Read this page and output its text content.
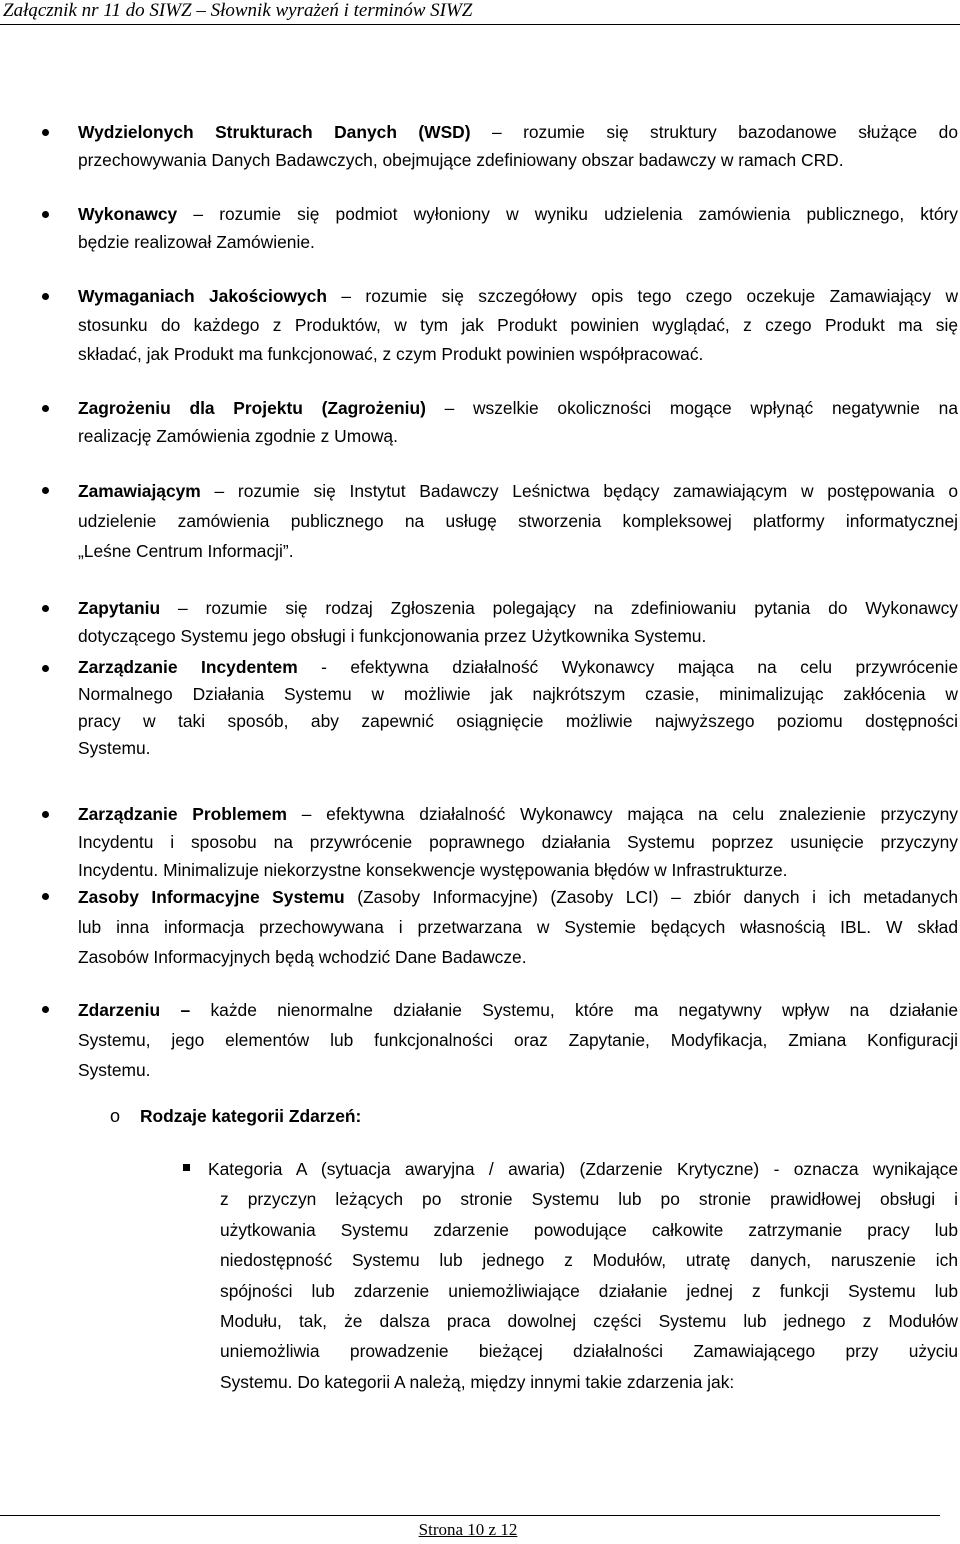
Załącznik nr 11 do SIWZ – Słownik wyrażeń i terminów SIWZ
Wydzielonych Strukturach Danych (WSD) – rozumie się struktury bazodanowe służące do
przechowywania Danych Badawczych, obejmujące zdefiniowany obszar badawczy w ramach CRD.
Wykonawcy – rozumie się podmiot wyłoniony w wyniku udzielenia zamówienia publicznego, który
będzie realizował Zamówienie.
Wymaganiach Jakościowych – rozumie się szczegółowy opis tego czego oczekuje Zamawiający w
stosunku do każdego z Produktów, w tym jak Produkt powinien wyglądać, z czego Produkt ma się
składać, jak Produkt ma funkcjonować, z czym Produkt powinien współpracować.
Zagrożeniu dla Projektu (Zagrożeniu) – wszelkie okoliczności mogące wpłynąć negatywnie na
realizację Zamówienia zgodnie z Umową.
Zamawiającym – rozumie się Instytut Badawczy Leśnictwa będący zamawiającym w postępowania o
udzielenie zamówienia publicznego na usługę stworzenia kompleksowej platformy informatycznej
„Leśne Centrum Informacji”.
Zapytaniu – rozumie się rodzaj Zgłoszenia polegający na zdefiniowaniu pytania do Wykonawcy
dotyczącego Systemu jego obsługi i funkcjonowania przez Użytkownika Systemu.
Zarządzanie Incydentem - efektywna działalność Wykonawcy mająca na celu przywrócenie
Normalnego Działania Systemu w możliwie jak najkrótszym czasie, minimalizując zakłócenia w
pracy w taki sposób, aby zapewnić osiągnięcie możliwie najwyższego poziomu dostępności
Systemu.
Zarządzanie Problemem – efektywna działalność Wykonawcy mająca na celu znalezienie przyczyny
Incydentu i sposobu na przywrócenie poprawnego działania Systemu poprzez usunięcie przyczyny
Incydentu. Minimalizuje niekorzystne konsekwencje występowania błędów w Infrastrukturze.
Zasoby Informacyjne Systemu (Zasoby Informacyjne) (Zasoby LCI) – zbiór danych i ich metadanych
lub inna informacja przechowywana i przetwarzana w Systemie będących własnością IBL. W skład
Zasobów Informacyjnych będą wchodzić Dane Badawcze.
Zdarzeniu – każde nienormalne działanie Systemu, które ma negatywny wpływ na działanie
Systemu, jego elementów lub funkcjonalności oraz Zapytanie, Modyfikacja, Zmiana Konfiguracji
Systemu.
o Rodzaje kategorii Zdarzeń:
Kategoria A (sytuacja awaryjna / awaria) (Zdarzenie Krytyczne) - oznacza wynikające
z przyczyn leżących po stronie Systemu lub po stronie prawidłowej obsługi i
użytkowania Systemu zdarzenie powodujące całkowite zatrzymanie pracy lub
niedostępność Systemu lub jednego z Modułów, utratę danych, naruszenie ich
spójności lub zdarzenie uniemożliwiające działanie jednej z funkcji Systemu lub
Modułu, tak, że dalsza praca dowolnej części Systemu lub jednego z Modułów
uniemożliwia prowadzenie bieżącej działalności Zamawiającego przy użyciu
Systemu. Do kategorii A należą, między innymi takie zdarzenia jak:
Strona 10 z 12
